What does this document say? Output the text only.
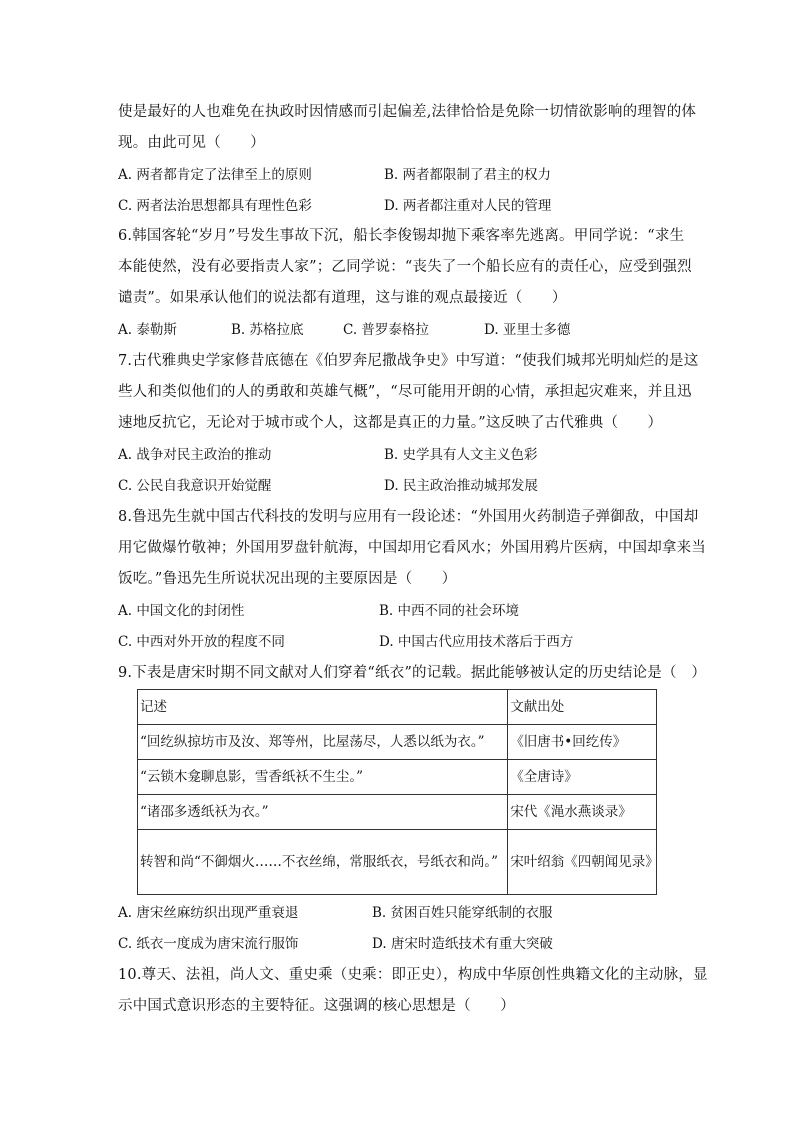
使是最好的人也难免在执政时因情感而引起偏差,法律恰恰是免除一切情欲影响的理智的体
现。由此可见（　　）
A. 两者都肯定了法律至上的原则	B. 两者都限制了君主的权力
C. 两者法治思想都具有理性色彩	D. 两者都注重对人民的管理
6.韩国客轮“岁月”号发生事故下沉，船长李俊锡却抛下乘客率先逃离。甲同学说：“求生
本能使然，没有必要指责人家”；乙同学说：“丧失了一个船长应有的责任心，应受到强烈
谴责”。如果承认他们的说法都有道理，这与谁的观点最接近（　　）
A. 泰勒斯	B. 苏格拉底	C. 普罗泰格拉	D. 亚里士多德
7.古代雅典史学家修昔底德在《伯罗奔尼撒战争史》中写道：“使我们城邦光明灿烂的是这
些人和类似他们的人的勇敢和英雄气概”，“尽可能用开朗的心情，承担起灾难来，并且迅
速地反抗它，无论对于城市或个人，这都是真正的力量。”这反映了古代雅典（　　）
A. 战争对民主政治的推动	B. 史学具有人文主义色彩
C. 公民自我意识开始觉醒	D. 民主政治推动城邦发展
8.鲁迅先生就中国古代科技的发明与应用有一段论述：“外国用火药制造子弹御敌，中国却
用它做爆竹敬神；外国用罗盘针航海，中国却用它看风水；外国用鸦片医病，中国却拿来当
饭吃。”鲁迅先生所说状况出现的主要原因是（　　）
A. 中国文化的封闭性	B. 中西不同的社会环境
C. 中西对外开放的程度不同	D. 中国古代应用技术落后于西方
9.下表是唐宋时期不同文献对人们穿着“纸衣”的记载。据此能够被认定的历史结论是（　）
记述	文献出处
“回纥纵掠坊市及汝、郑等州，比屋荡尽，人悉以纸为衣。”	《旧唐书•回纥传》
“云锁木龛聊息影，雪香纸袄不生尘。”	《全唐诗》
“诸邵多透纸袄为衣。”	宋代《渑水燕谈录》
转智和尚“不御烟火……不衣丝绵，常服纸衣，号纸衣和尚。”	宋叶绍翁《四朝闻见录》
A. 唐宋丝麻纺织出现严重衰退	B. 贫困百姓只能穿纸制的衣服
C. 纸衣一度成为唐宋流行服饰	D. 唐宋时造纸技术有重大突破
10.尊天、法祖，尚人文、重史乘（史乘：即正史），构成中华原创性典籍文化的主动脉，显
示中国式意识形态的主要特征。这强调的核心思想是（　　）
